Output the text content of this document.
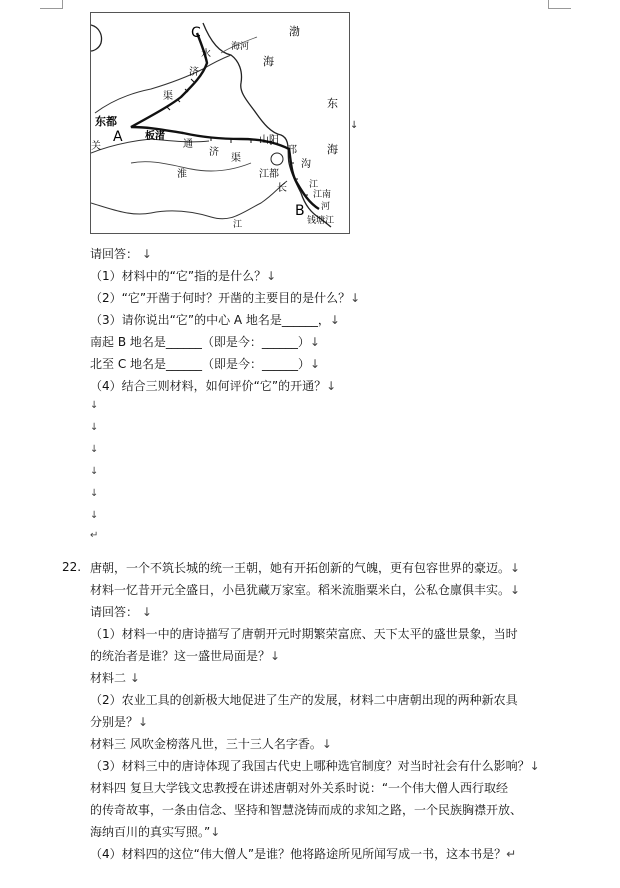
C
水
海河
济
渠
渤
海
东
海
东都
A
关
板渚
通
济
渠
淮
山阳
邗
沟
江都
长 江
江南
河
B
钱塘江
江
↓
请回答： ↓
（1）材料中的“它”指的是什么？↓
（2）“它”开凿于何时？开凿的主要目的是什么？↓
（3）请你说出“它”的中心 A 地名是______，↓
南起 B 地名是______（即是今：______）↓
北至 C 地名是______（即是今：______）↓
（4）结合三则材料，如何评价“它”的开通？↓
↓
↓
↓
↓
↓
↓
↵
22. 唐朝，一个不筑长城的统一王朝，她有开拓创新的气魄，更有包容世界的豪迈。↓
材料一忆昔开元全盛日，小邑犹藏万家室。稻米流脂粟米白，公私仓廪俱丰实。↓
请回答： ↓
（1）材料一中的唐诗描写了唐朝开元时期繁荣富庶、天下太平的盛世景象，当时
的统治者是谁？这一盛世局面是？↓
材料二 ↓
（2）农业工具的创新极大地促进了生产的发展，材料二中唐朝出现的两种新农具
分别是？↓
材料三 风吹金榜落凡世，三十三人名字香。↓
（3）材料三中的唐诗体现了我国古代史上哪种选官制度？对当时社会有什么影响？↓
材料四 复旦大学钱文忠教授在讲述唐朝对外关系时说：“一个伟大僧人西行取经
的传奇故事，一条由信念、坚持和智慧浇铸而成的求知之路，一个民族胸襟开放、
海纳百川的真实写照。”↓
（4）材料四的这位“伟大僧人”是谁？他将路途所见所闻写成一书，这本书是？↵
